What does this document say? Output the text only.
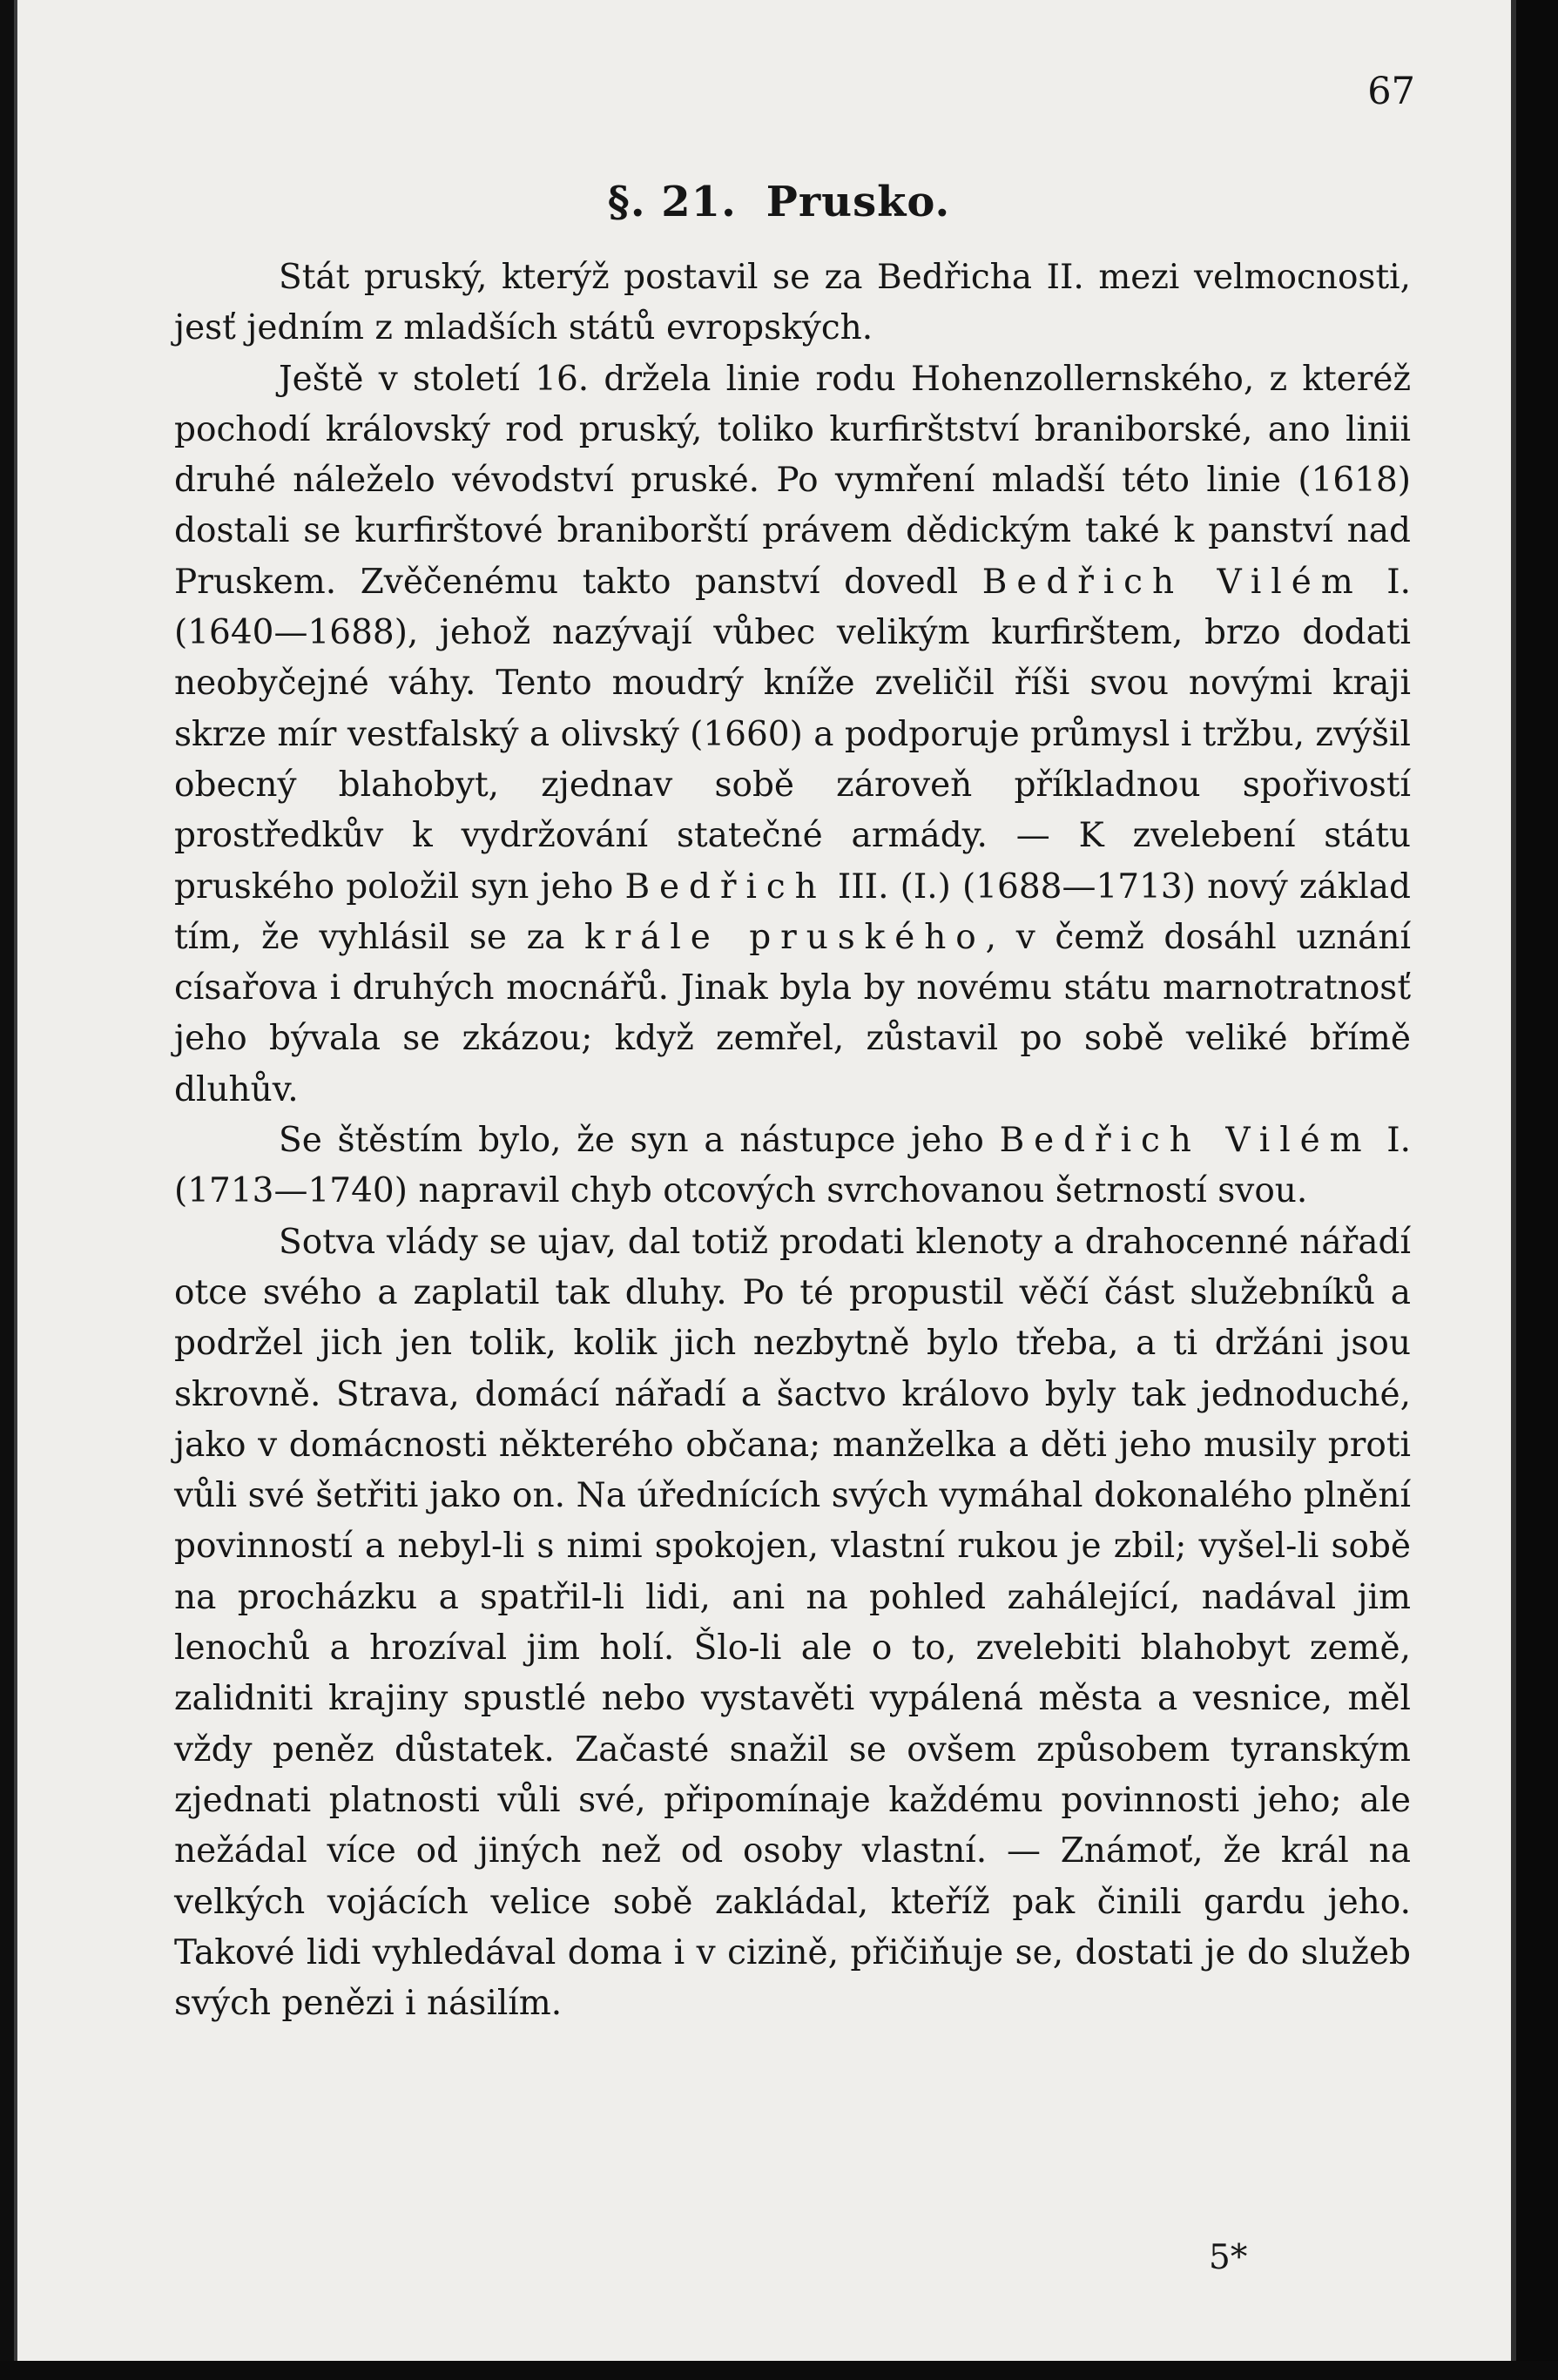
67
§. 21. Prusko.

Stát pruský, kterýž postavil se za Bedřicha II. mezi velmocnosti, jesť jedním z mladších států evropských.

Ještě v století 16. držela linie rodu Hohenzollernského, z kteréž pochodí královský rod pruský, toliko kurfirštství braniborské, ano linii druhé náleželo vévodství pruské. Po vymření mladší této linie (1618) dostali se kurfirštové braniborští právem dědickým také k panství nad Pruskem. Zvěčenému takto panství dovedl Bedřich Vilém I. (1640—1688), jehož nazývají vůbec velikým kurfirštem, brzo dodati neobyčejné váhy. Tento moudrý kníže zveličil říši svou novými kraji skrze mír vestfalský a olivský (1660) a podporuje průmysl i tržbu, zvýšil obecný blahobyt, zjednav sobě zároveň příkladnou spořivostí prostředkův k vydržování statečné armády. — K zvelebení státu pruského položil syn jeho Bedřich III. (I.) (1688—1713) nový základ tím, že vyhlásil se za krále pruského, v čemž dosáhl uznání císařova i druhých mocnářů. Jinak byla by novému státu marnotratnosť jeho bývala se zkázou; když zemřel, zůstavil po sobě veliké břímě dluhův.

Se štěstím bylo, že syn a nástupce jeho Bedřich Vilém I. (1713—1740) napravil chyb otcových svrchovanou šetrností svou.

Sotva vlády se ujav, dal totiž prodati klenoty a drahocenné nářadí otce svého a zaplatil tak dluhy. Po té propustil věčí část služebníků a podržel jich jen tolik, kolik jich nezbytně bylo třeba, a ti držáni jsou skrovně. Strava, domácí nářadí a šactvo královo byly tak jednoduché, jako v domácnosti některého občana; manželka a děti jeho musily proti vůli své šetřiti jako on. Na úřednících svých vymáhal dokonalého plnění povinností a nebyl-li s nimi spokojen, vlastní rukou je zbil; vyšel-li sobě na procházku a spatřil-li lidi, ani na pohled zahálející, nadával jim lenochů a hrozíval jim holí. Šlo-li ale o to, zvelebiti blahobyt země, zalidniti krajiny spustlé nebo vystavěti vypálená města a vesnice, měl vždy peněz důstatek. Začasté snažil se ovšem způsobem tyranským zjednati platnosti vůli své, připomínaje každému povinnosti jeho; ale nežádal více od jiných než od osoby vlastní. — Známoť, že král na velkých vojácích velice sobě zakládal, kteříž pak činili gardu jeho. Takové lidi vyhledával doma i v cizině, přičiňuje se, dostati je do služeb svých penězi i násilím.

5*
